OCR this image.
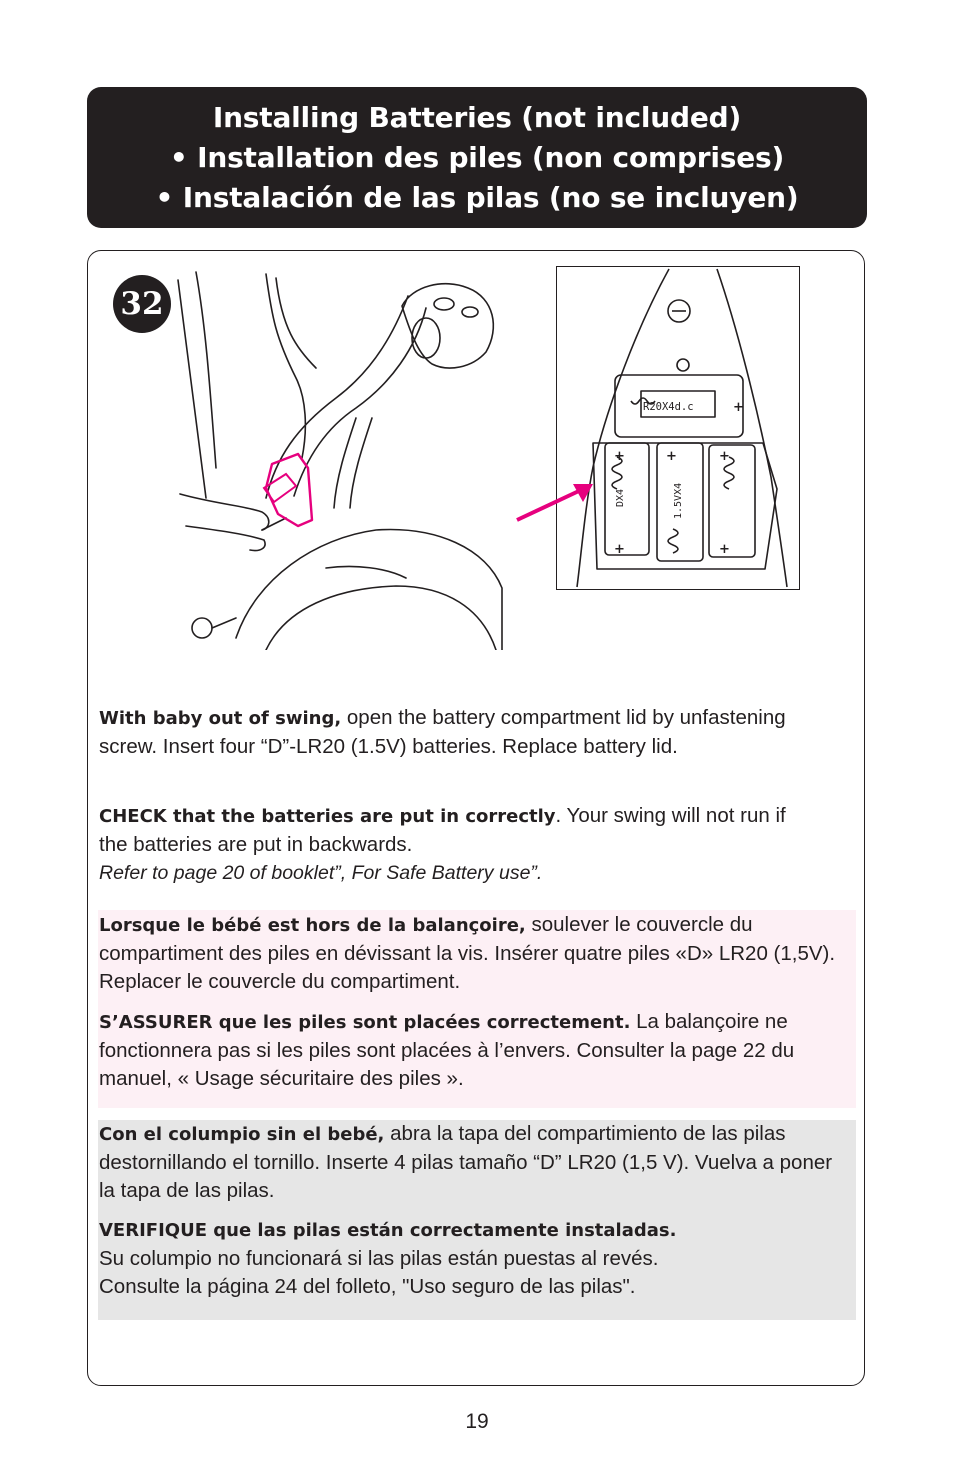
Installing Batteries (not included)
• Installation des piles (non comprises)
• Instalación de las pilas (no se incluyen)
32
R20X4d.c
DX4	1.5VX4
+	+	+
+	+
+
With baby out of swing, open the battery compartment lid by unfastening screw. Insert four “D”-LR20 (1.5V) batteries. Replace battery lid.
CHECK that the batteries are put in correctly. Your swing will not run if the batteries are put in backwards.
Refer to page 20 of booklet”, For Safe Battery use”.
Lorsque le bébé est hors de la balançoire, soulever le couvercle du compartiment des piles en dévissant la vis. Insérer quatre piles «D» LR20 (1,5V). Replacer le couvercle du compartiment.
S’ASSURER que les piles sont placées correctement. La balançoire ne fonctionnera pas si les piles sont placées à l’envers. Consulter la page 22 du manuel, « Usage sécuritaire des piles ».
Con el columpio sin el bebé, abra la tapa del compartimiento de las pilas destornillando el tornillo. Inserte 4 pilas tamaño “D” LR20 (1,5 V). Vuelva a poner la tapa de las pilas.
VERIFIQUE que las pilas están correctamente instaladas.
Su columpio no funcionará si las pilas están puestas al revés.
Consulte la página 24 del folleto, "Uso seguro de las pilas".
19
